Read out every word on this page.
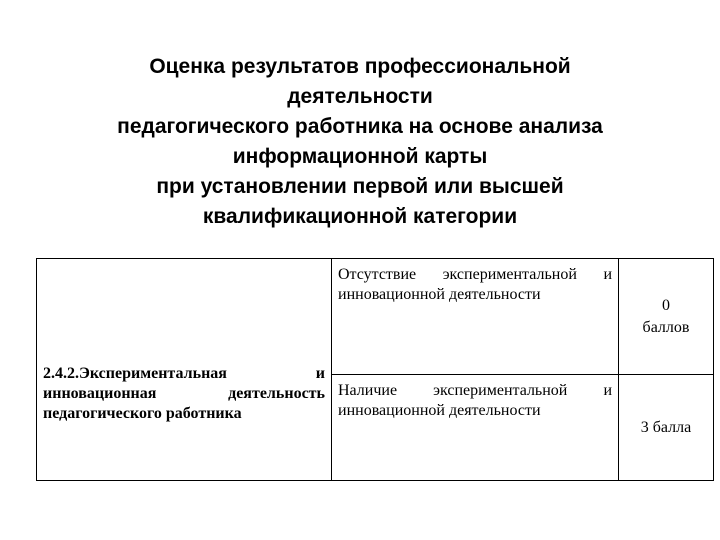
Оценка результатов профессиональной
деятельности
педагогического работника на основе анализа
информационной карты
при установлении первой или высшей
квалификационной категории
2.4.2.Экспериментальная и инновационная деятельность педагогического работника	Отсутствие экспериментальной и инновационной деятельности	0
баллов

	Наличие экспериментальной и инновационной деятельности	3 балла
